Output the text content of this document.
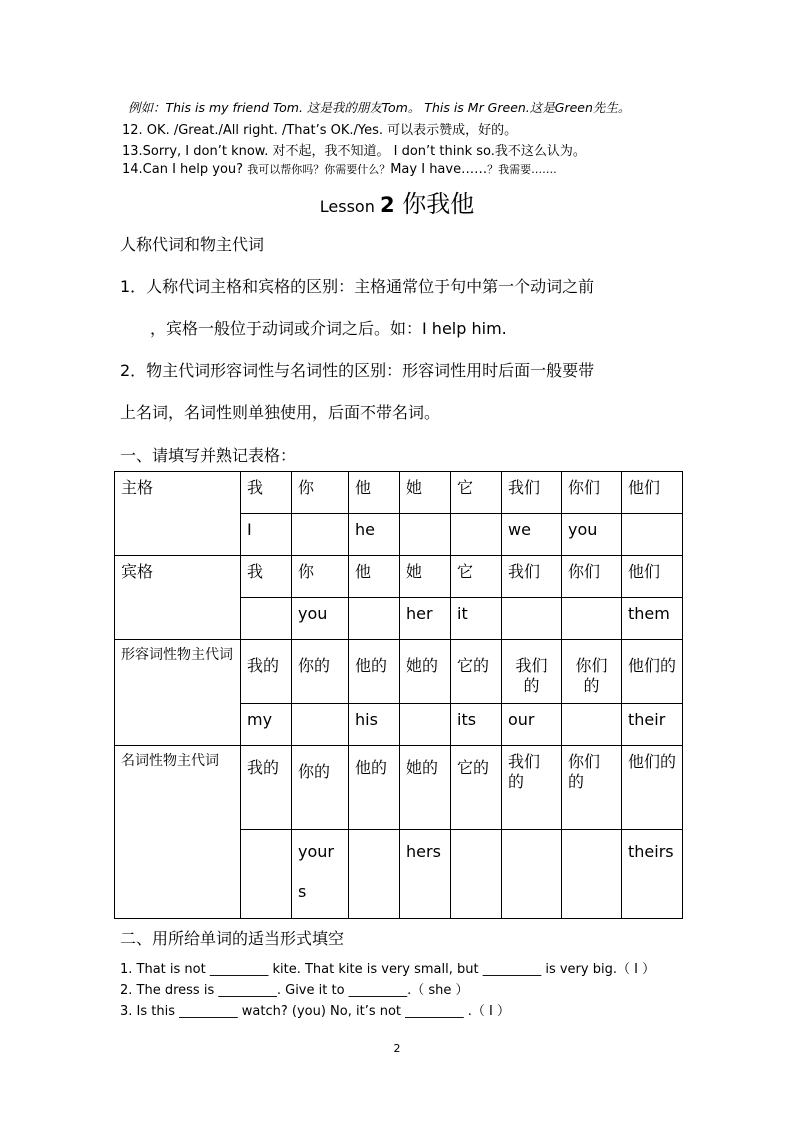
例如：This is my friend Tom. 这是我的朋友Tom。 This is Mr Green.这是Green先生。
12. OK. /Great./All right. /That’s OK./Yes. 可以表示赞成，好的。
13.Sorry, I don’t know. 对不起，我不知道。 I don’t think so.我不这么认为。
14.Can I help you? 我可以帮你吗？你需要什么？May I have……？我需要…….
Lesson 2 你我他
人称代词和物主代词
1．人称代词主格和宾格的区别：主格通常位于句中第一个动词之前
，宾格一般位于动词或介词之后。如：I help him.
2．物主代词形容词性与名词性的区别：形容词性用时后面一般要带
上名词，名词性则单独使用，后面不带名词。
一、请填写并熟记表格：
主格	我	你	他	她	它	我们	你们	他们
	I		he			we	you	
宾格	我	你	他	她	它	我们	你们	他们
		you		her	it			them
形容词性物主代词	我的	你的	他的	她的	它的	我们的	你们的	他们的
	my		his		its	our		their
名词性物主代词	我的	你的	他的	她的	它的	我们的	你们的	他们的
		yours		hers				theirs
二、用所给单词的适当形式填空
1. That is not _________ kite. That kite is very small, but _________ is very big.（ I ）
2. The dress is _________. Give it to _________.（ she ）
3. Is this _________ watch? (you) No, it’s not _________ .（ I ）
2
